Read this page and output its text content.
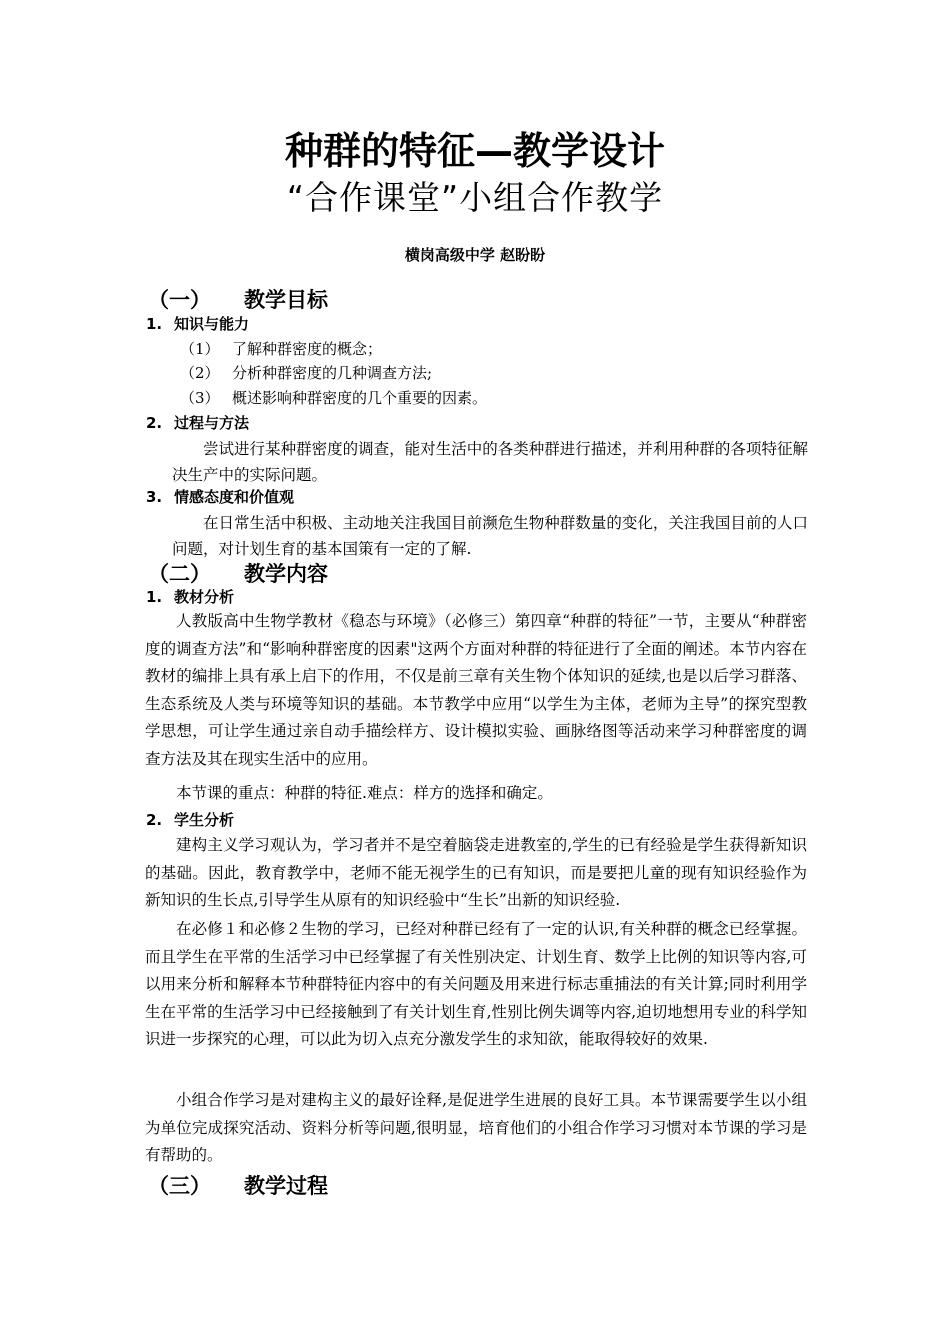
种群的特征—教学设计
“合作课堂”小组合作教学
横岗高级中学 赵盼盼
（一） 教学目标
1. 知识与能力
（1） 了解种群密度的概念；
（2） 分析种群密度的几种调查方法;
（3） 概述影响种群密度的几个重要的因素。
2. 过程与方法

尝试进行某种群密度的调查，能对生活中的各类种群进行描述，并利用种群的各项特征解决生产中的实际问题。

3. 情感态度和价值观

在日常生活中积极、主动地关注我国目前濒危生物种群数量的变化，关注我国目前的人口问题，对计划生育的基本国策有一定的了解.

（二） 教学内容
1. 教材分析

人教版高中生物学教材《稳态与环境》（必修三）第四章“种群的特征”一节，主要从“种群密度的调查方法”和“影响种群密度的因素"这两个方面对种群的特征进行了全面的阐述。本节内容在教材的编排上具有承上启下的作用，不仅是前三章有关生物个体知识的延续,也是以后学习群落、生态系统及人类与环境等知识的基础。本节教学中应用“以学生为主体，老师为主导”的探究型教学思想，可让学生通过亲自动手描绘样方、设计模拟实验、画脉络图等活动来学习种群密度的调查方法及其在现实生活中的应用。

本节课的重点：种群的特征.难点：样方的选择和确定。

2. 学生分析

建构主义学习观认为，学习者并不是空着脑袋走进教室的,学生的已有经验是学生获得新知识的基础。因此，教育教学中，老师不能无视学生的已有知识，而是要把儿童的现有知识经验作为新知识的生长点,引导学生从原有的知识经验中“生长”出新的知识经验.

在必修１和必修２生物的学习，已经对种群已经有了一定的认识,有关种群的概念已经掌握。而且学生在平常的生活学习中已经掌握了有关性别决定、计划生育、数学上比例的知识等内容,可以用来分析和解释本节种群特征内容中的有关问题及用来进行标志重捕法的有关计算;同时利用学生在平常的生活学习中已经接触到了有关计划生育,性别比例失调等内容,迫切地想用专业的科学知识进一步探究的心理，可以此为切入点充分激发学生的求知欲，能取得较好的效果.

小组合作学习是对建构主义的最好诠释,是促进学生进展的良好工具。本节课需要学生以小组为单位完成探究活动、资料分析等问题,很明显，培育他们的小组合作学习习惯对本节课的学习是有帮助的。

（三） 教学过程
